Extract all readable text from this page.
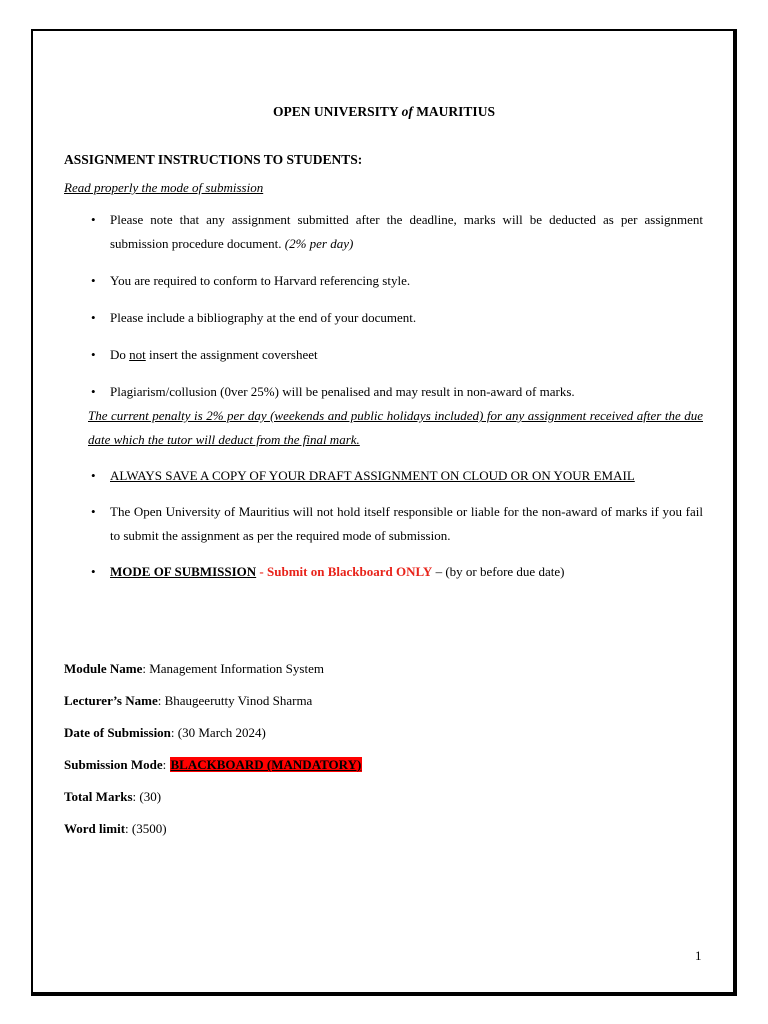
OPEN UNIVERSITY of MAURITIUS
ASSIGNMENT INSTRUCTIONS TO STUDENTS:
Read properly the mode of submission
• Please note that any assignment submitted after the deadline, marks will be deducted as per assignment submission procedure document. (2% per day)
• You are required to conform to Harvard referencing style.
• Please include a bibliography at the end of your document.
• Do not insert the assignment coversheet
• Plagiarism/collusion (0ver 25%) will be penalised and may result in non-award of marks.
The current penalty is 2% per day (weekends and public holidays included) for any assignment received after the due date which the tutor will deduct from the final mark.
• ALWAYS SAVE A COPY OF YOUR DRAFT ASSIGNMENT ON CLOUD OR ON YOUR EMAIL
• The Open University of Mauritius will not hold itself responsible or liable for the non-award of marks if you fail to submit the assignment as per the required mode of submission.
• MODE OF SUBMISSION - Submit on Blackboard ONLY – (by or before due date)
Module Name: Management Information System
Lecturer’s Name: Bhaugeerutty Vinod Sharma
Date of Submission: (30 March 2024)
Submission Mode: BLACKBOARD (MANDATORY)
Total Marks: (30)
Word limit: (3500)
1
